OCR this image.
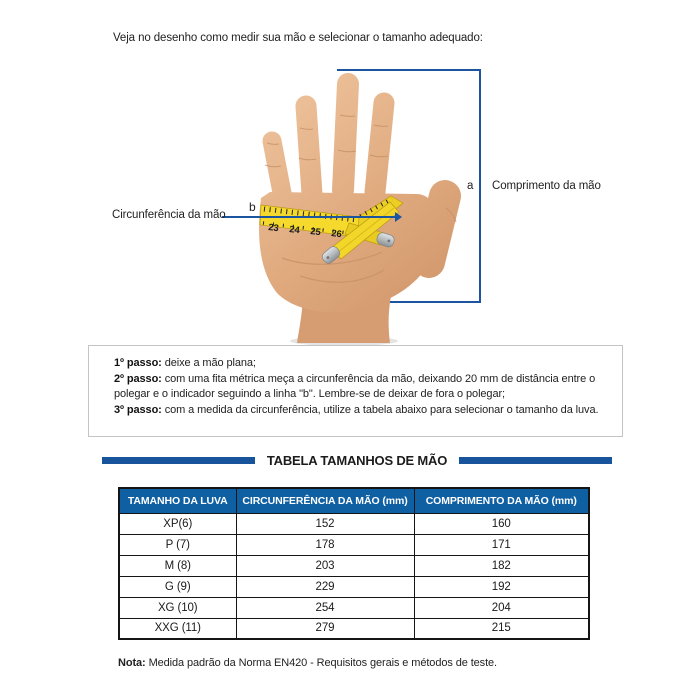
Veja no desenho como medir sua mão e selecionar o tamanho adequado:

23 24 25 26
a Comprimento da mão
Circunferência da mão
b

1º passo: deixe a mão plana;

2º passo: com uma fita métrica meça a circunferência da mão, deixando 20 mm de distância entre o polegar e o indicador seguindo a linha "b". Lembre-se de deixar de fora o polegar;

3º passo: com a medida da circunferência, utilize a tabela abaixo para selecionar o tamanho da luva.

TABELA TAMANHOS DE MÃO
TAMANHO DA LUVA	CIRCUNFERÊNCIA DA MÃO (mm)	COMPRIMENTO DA MÃO (mm)
XP(6)	152	160
P (7)	178	171
M (8)	203	182
G (9)	229	192
XG (10)	254	204
XXG (11)	279	215

Nota: Medida padrão da Norma EN420 - Requisitos gerais e métodos de teste.
